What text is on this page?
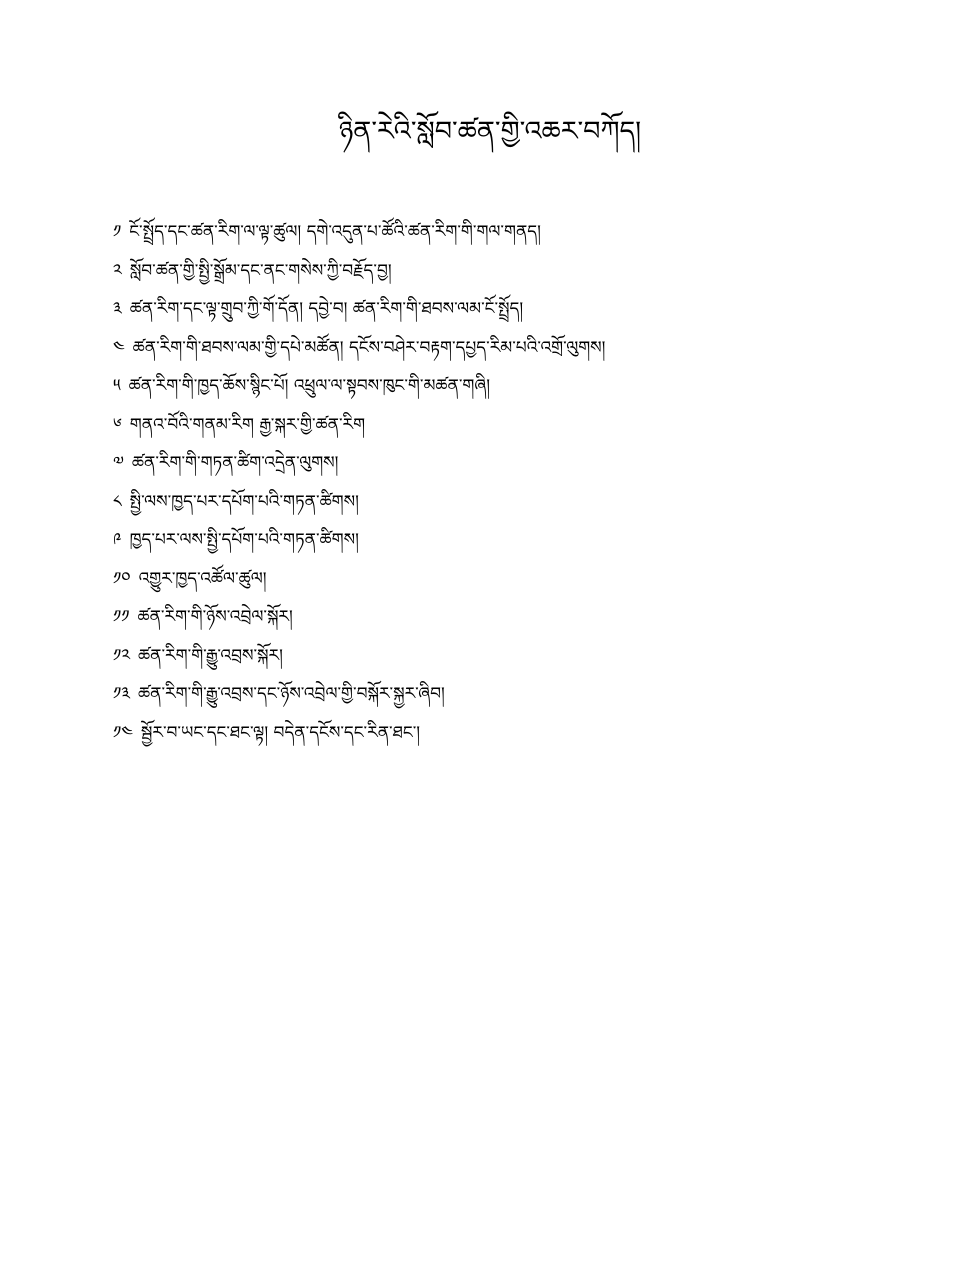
ཉིན་རེའི་སློབ་ཚན་གྱི་འཆར་བཀོད།
༡ ངོ་སྤྲོད་དང་ཚན་རིག་ལ་ལྟ་ཚུལ། དགེ་འདུན་པ་ཚོའི་ཚན་རིག་གི་གལ་གནད།
༢ སློབ་ཚན་གྱི་སྤྱི་སྒྲོམ་དང་ནང་གསེས་ཀྱི་བརྗོད་བྱ།
༣ ཚན་རིག་དང་ལྟ་གྲུབ་ཀྱི་གོ་དོན། དབྱེ་བ། ཚན་རིག་གི་ཐབས་ལམ་ངོ་སྤྲོད།
༤ ཚན་རིག་གི་ཐབས་ལམ་གྱི་དཔེ་མཚོན། དངོས་བཤེར་བརྟག་དཔྱད་རིམ་པའི་འགྲོ་ལུགས།
༥ ཚན་རིག་གི་ཁྱད་ཆོས་སྙིང་པོ། འཕྲུལ་ལ་སྟབས་ཁུང་གི་མཚན་གཞི།
༦ གནའ་བོའི་གནམ་རིག རྒྱ་སྐར་གྱི་ཚན་རིག
༧ ཚན་རིག་གི་གཏན་ཚིག་འདྲེན་ལུགས།
༨ སྤྱི་ལས་ཁྱད་པར་དཔོག་པའི་གཏན་ཚིགས།
༩ ཁྱད་པར་ལས་སྤྱི་དཔོག་པའི་གཏན་ཚིགས།
༡༠ འགྱུར་ཁྱད་འཚོལ་ཚུལ།
༡༡ ཚན་རིག་གི་ཉོས་འབྲེལ་སྐོར།
༡༢ ཚན་རིག་གི་རྒྱུ་འབྲས་སྐོར།
༡༣ ཚན་རིག་གི་རྒྱུ་འབྲས་དང་ཉོས་འབྲེལ་གྱི་བསྐོར་སྐྱར་ཞིབ།
༡༤ སྦྱོར་བ་ཡང་དང་ཐང་ལྟ། བདེན་དངོས་དང་རིན་ཐང་།
